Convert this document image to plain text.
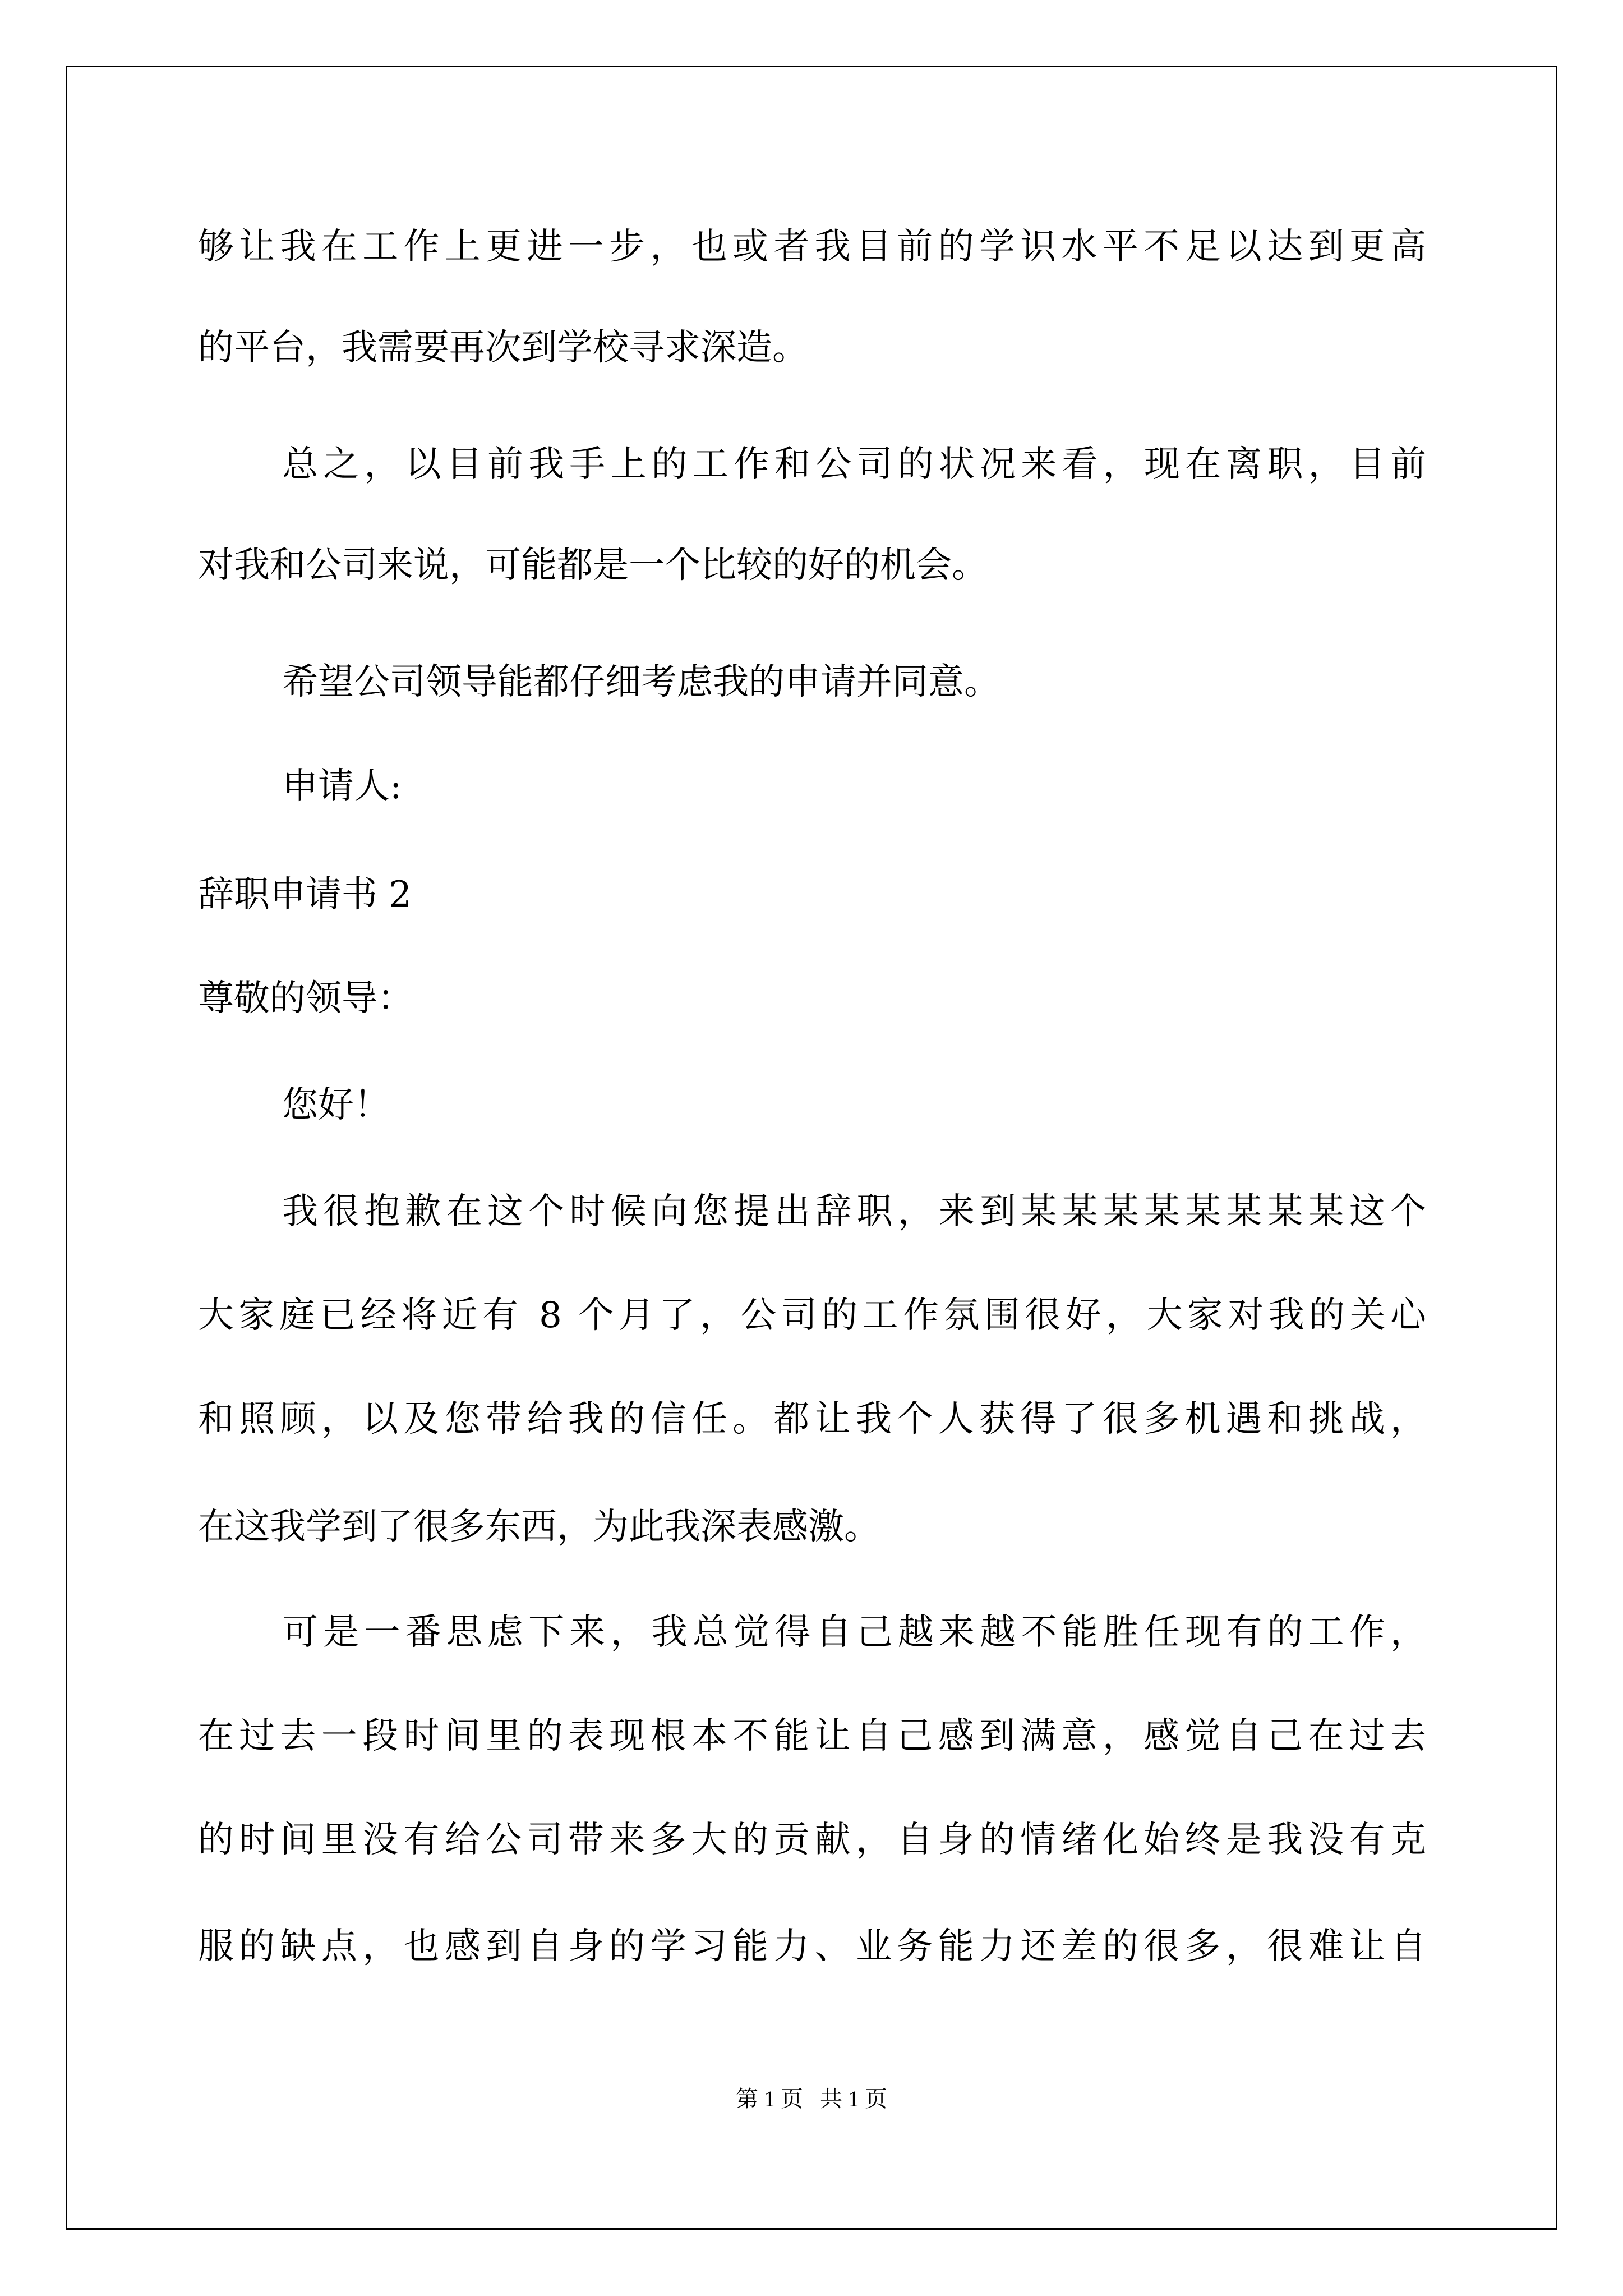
够让我在工作上更进一步，也或者我目前的学识水平不足以达到更高

的平台，我需要再次到学校寻求深造。

总之，以目前我手上的工作和公司的状况来看，现在离职，目前

对我和公司来说，可能都是一个比较的好的机会。

希望公司领导能都仔细考虑我的申请并同意。

申请人:

辞职申请书 2

尊敬的领导：

您好！

我很抱歉在这个时候向您提出辞职，来到某某某某某某某某这个

大家庭已经将近有 8 个月了，公司的工作氛围很好，大家对我的关心

和照顾，以及您带给我的信任。都让我个人获得了很多机遇和挑战，

在这我学到了很多东西，为此我深表感激。

可是一番思虑下来，我总觉得自己越来越不能胜任现有的工作，

在过去一段时间里的表现根本不能让自己感到满意，感觉自己在过去

的时间里没有给公司带来多大的贡献，自身的情绪化始终是我没有克

服的缺点，也感到自身的学习能力、业务能力还差的很多，很难让自

第 1 页   共 1 页
